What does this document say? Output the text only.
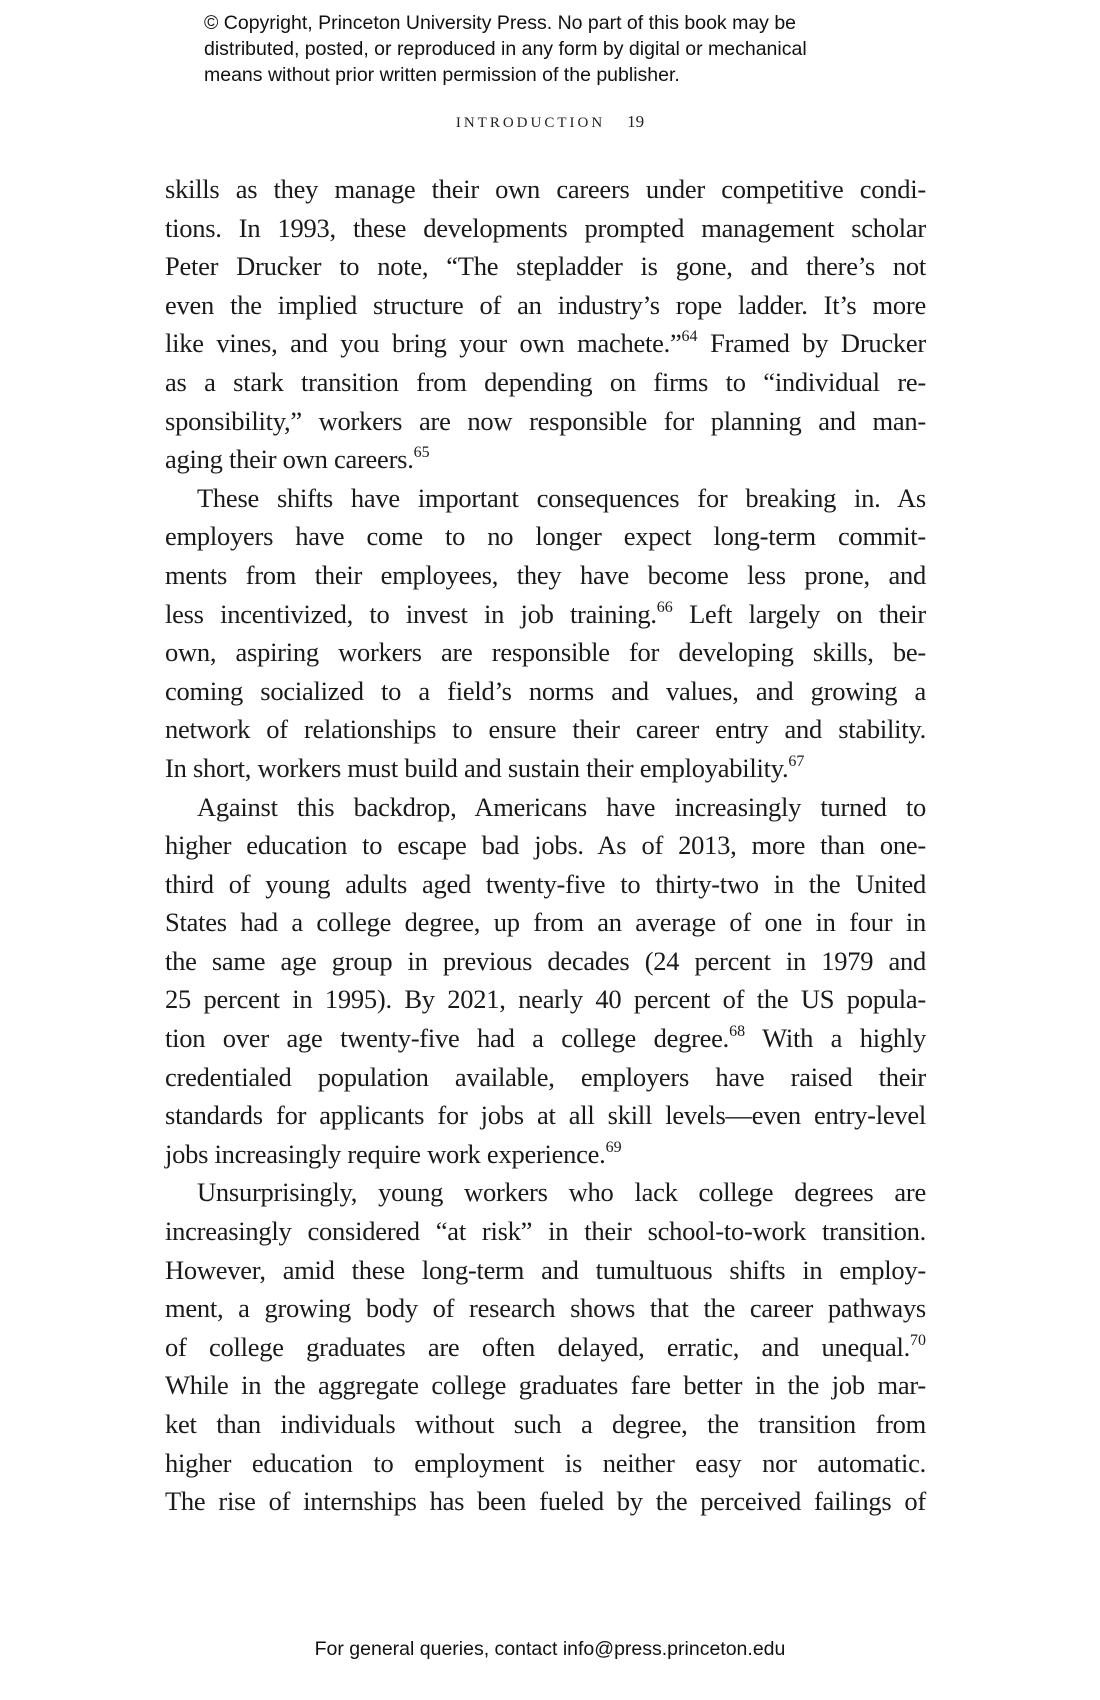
© Copyright, Princeton University Press. No part of this book may be
distributed, posted, or reproduced in any form by digital or mechanical
means without prior written permission of the publisher.
INTRODUCTION 19
skills as they manage their own careers under competitive condi-
tions. In 1993, these developments prompted management scholar
Peter Drucker to note, “The stepladder is gone, and there’s not
even the implied structure of an industry’s rope ladder. It’s more
like vines, and you bring your own machete.”$^{64}$ Framed by Drucker
as a stark transition from depending on firms to “individual re-
sponsibility,” workers are now responsible for planning and man-
aging their own careers.$^{65}$
These shifts have important consequences for breaking in. As
employers have come to no longer expect long-term commit-
ments from their employees, they have become less prone, and
less incentivized, to invest in job training.$^{66}$ Left largely on their
own, aspiring workers are responsible for developing skills, be-
coming socialized to a field’s norms and values, and growing a
network of relationships to ensure their career entry and stability.
In short, workers must build and sustain their employability.$^{67}$
Against this backdrop, Americans have increasingly turned to
higher education to escape bad jobs. As of 2013, more than one-
third of young adults aged twenty-five to thirty-two in the United
States had a college degree, up from an average of one in four in
the same age group in previous decades (24 percent in 1979 and
25 percent in 1995). By 2021, nearly 40 percent of the US popula-
tion over age twenty-five had a college degree.$^{68}$ With a highly
credentialed population available, employers have raised their
standards for applicants for jobs at all skill levels—even entry-level
jobs increasingly require work experience.$^{69}$
Unsurprisingly, young workers who lack college degrees are
increasingly considered “at risk” in their school-to-work transition.
However, amid these long-term and tumultuous shifts in employ-
ment, a growing body of research shows that the career pathways
of college graduates are often delayed, erratic, and unequal.$^{70}$
While in the aggregate college graduates fare better in the job mar-
ket than individuals without such a degree, the transition from
higher education to employment is neither easy nor automatic.
The rise of internships has been fueled by the perceived failings of
For general queries, contact info@press.princeton.edu
